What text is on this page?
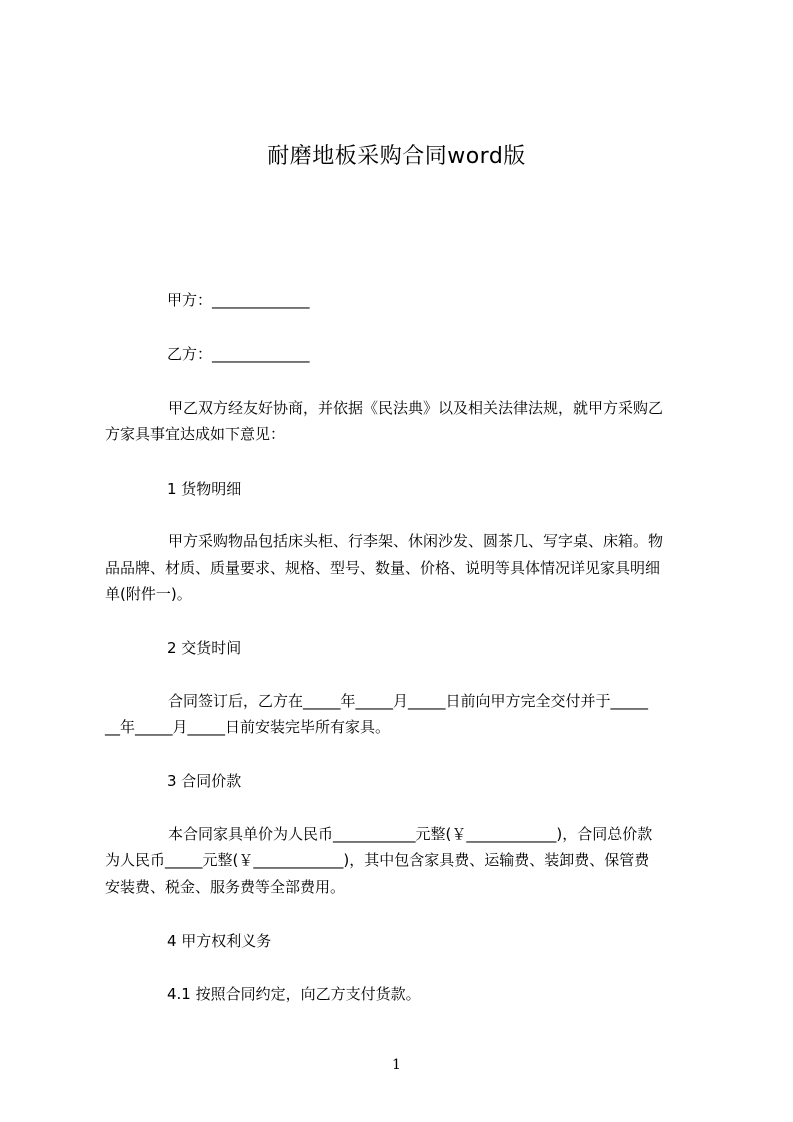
耐磨地板采购合同word版
甲方：_____________
乙方：_____________
甲乙双方经友好协商，并依据《民法典》以及相关法律法规，就甲方采购乙
方家具事宜达成如下意见：
1 货物明细
甲方采购物品包括床头柜、行李架、休闲沙发、圆茶几、写字桌、床箱。物
品品牌、材质、质量要求、规格、型号、数量、价格、说明等具体情况详见家具明细
单(附件一)。
2 交货时间
合同签订后，乙方在_____年_____月_____日前向甲方完全交付并于_____
__年_____月_____日前安装完毕所有家具。
3 合同价款
本合同家具单价为人民币___________元整(￥____________)，合同总价款
为人民币_____元整(￥____________)，其中包含家具费、运输费、装卸费、保管费
安装费、税金、服务费等全部费用。
4 甲方权利义务
4.1 按照合同约定，向乙方支付货款。
1
